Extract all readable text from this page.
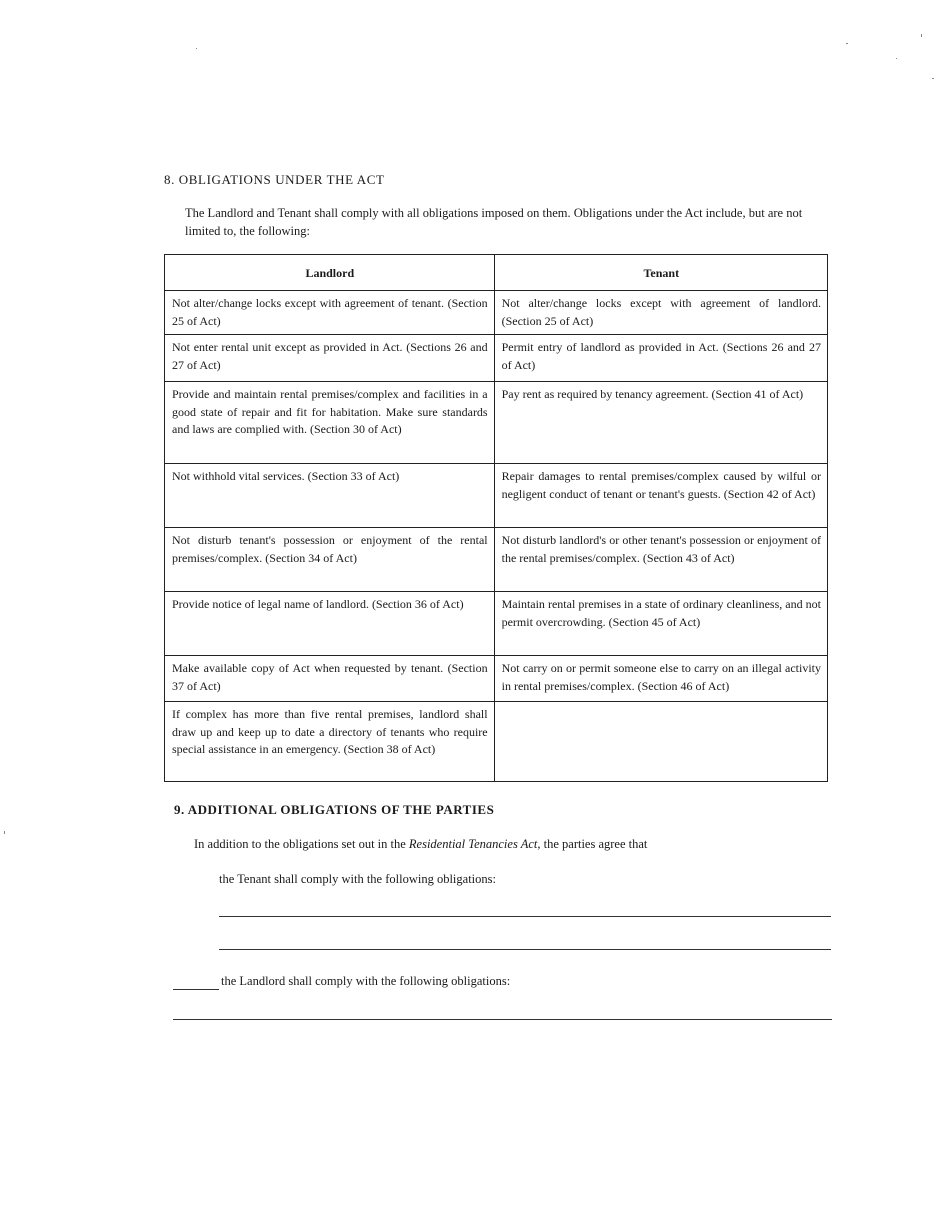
8. OBLIGATIONS UNDER THE ACT
The Landlord and Tenant shall comply with all obligations imposed on them. Obligations under the Act include, but are not limited to, the following:
Landlord	Tenant
Not alter/change locks except with agreement of tenant. (Section 25 of Act)	Not alter/change locks except with agreement of landlord. (Section 25 of Act)
Not enter rental unit except as provided in Act. (Sections 26 and 27 of Act)	Permit entry of landlord as provided in Act. (Sections 26 and 27 of Act)
Provide and maintain rental premises/complex and facilities in a good state of repair and fit for habitation. Make sure standards and laws are complied with. (Section 30 of Act)	Pay rent as required by tenancy agreement. (Section 41 of Act)
Not withhold vital services. (Section 33 of Act)	Repair damages to rental premises/complex caused by wilful or negligent conduct of tenant or tenant's guests. (Section 42 of Act)
Not disturb tenant's possession or enjoyment of the rental premises/complex. (Section 34 of Act)	Not disturb landlord's or other tenant's possession or enjoyment of the rental premises/complex. (Section 43 of Act)
Provide notice of legal name of landlord. (Section 36 of Act)	Maintain rental premises in a state of ordinary cleanliness, and not permit overcrowding. (Section 45 of Act)
Make available copy of Act when requested by tenant. (Section 37 of Act)	Not carry on or permit someone else to carry on an illegal activity in rental premises/complex. (Section 46 of Act)
If complex has more than five rental premises, landlord shall draw up and keep up to date a directory of tenants who require special assistance in an emergency. (Section 38 of Act)	
9. ADDITIONAL OBLIGATIONS OF THE PARTIES
In addition to the obligations set out in the Residential Tenancies Act, the parties agree that
the Tenant shall comply with the following obligations:
the Landlord shall comply with the following obligations:
